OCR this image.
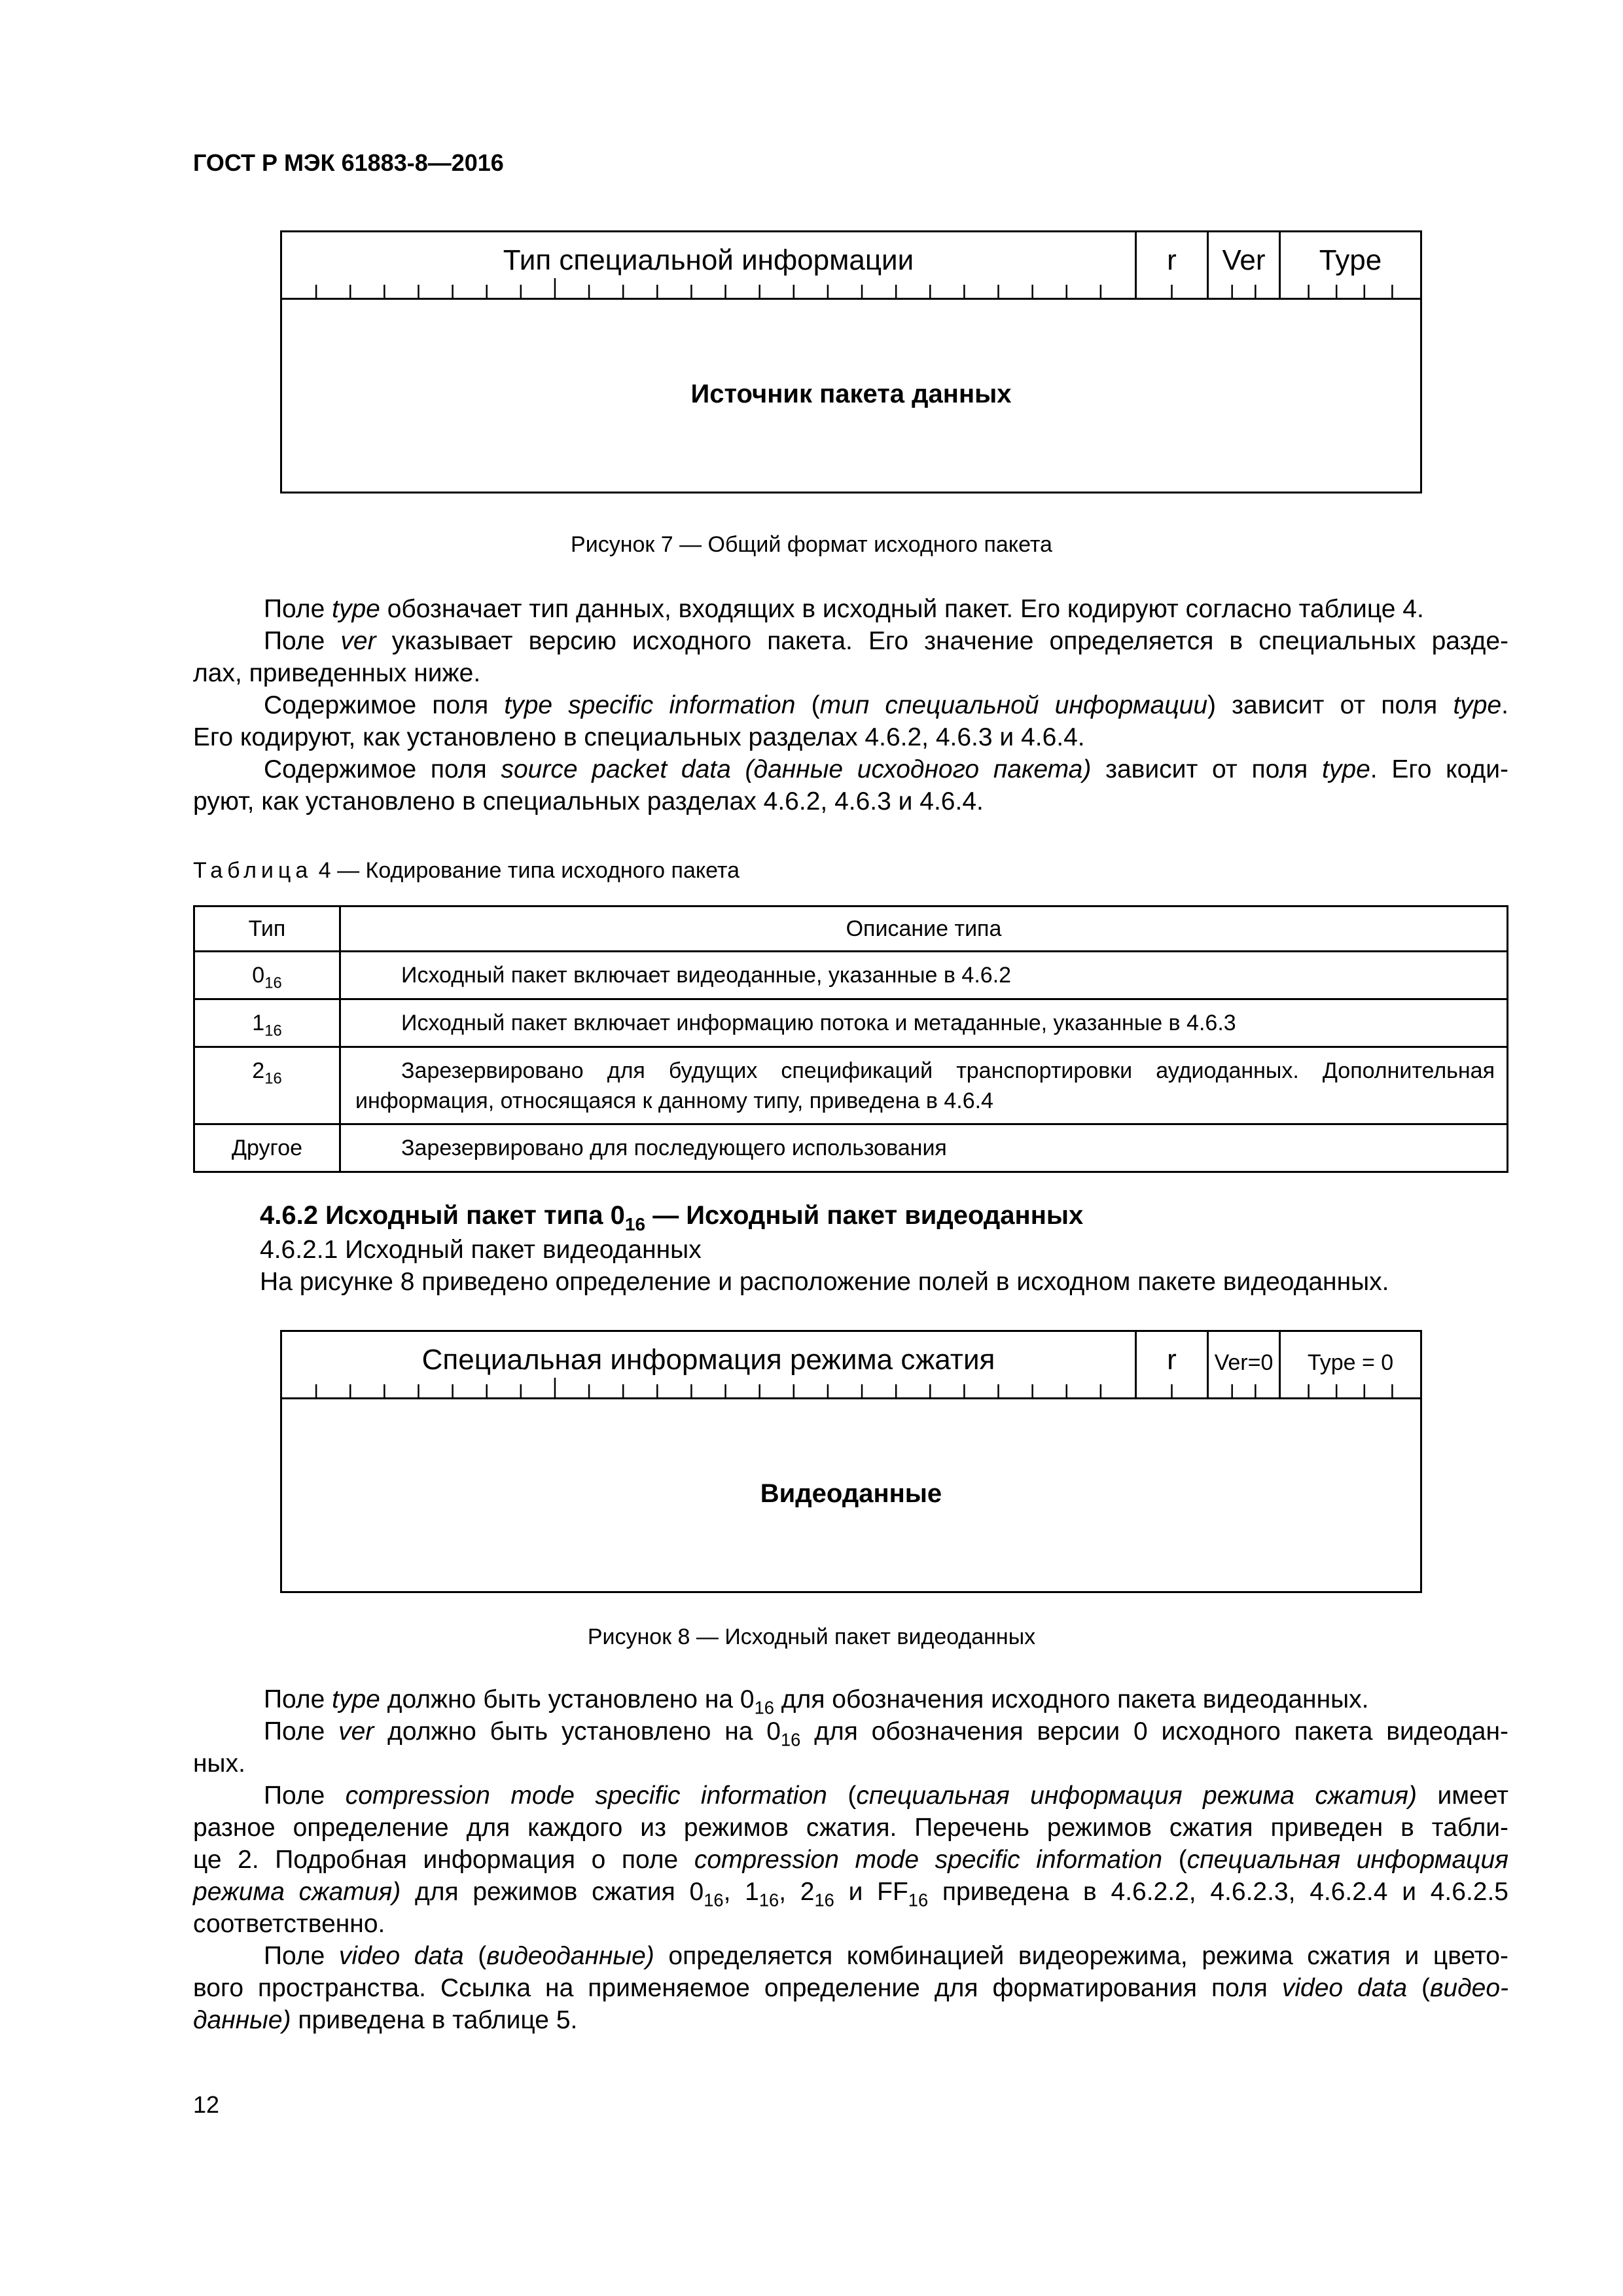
ГОСТ Р МЭК 61883-8—2016
Тип специальной информации	r	Ver	Type
Источник пакета данных
Рисунок 7 — Общий формат исходного пакета
Поле type обозначает тип данных, входящих в исходный пакет. Его кодируют согласно таблице 4.
Поле ver указывает версию исходного пакета. Его значение определяется в специальных разде-
лах, приведенных ниже.
Содержимое поля type specific information (тип специальной информации) зависит от поля type.
Его кодируют, как установлено в специальных разделах 4.6.2, 4.6.3 и 4.6.4.
Содержимое поля source packet data (данные исходного пакета) зависит от поля type. Его коди-
руют, как установлено в специальных разделах 4.6.2, 4.6.3 и 4.6.4.
Таблица 4 — Кодирование типа исходного пакета
Тип	Описание типа
$0_{16}$	Исходный пакет включает видеоданные, указанные в 4.6.2

$1_{16}$	Исходный пакет включает информацию потока и метаданные, указанные в 4.6.3

$2_{16}$	Зарезервировано для будущих спецификаций транспортировки аудиоданных. Дополнительная информация, относящаяся к данному типу, приведена в 4.6.4

Другое	Зарезервировано для последующего использования
4.6.2 Исходный пакет типа $0_{16}$ — Исходный пакет видеоданных
4.6.2.1 Исходный пакет видеоданных
На рисунке 8 приведено определение и расположение полей в исходном пакете видеоданных.
Специальная информация режима сжатия	r	Ver=0	Type = 0
Видеоданные
Рисунок 8 — Исходный пакет видеоданных
Поле type должно быть установлено на $0_{16}$ для обозначения исходного пакета видеоданных.
Поле ver должно быть установлено на $0_{16}$ для обозначения версии 0 исходного пакета видеодан-
ных.
Поле compression mode specific information (специальная информация режима сжатия) имеет
разное определение для каждого из режимов сжатия. Перечень режимов сжатия приведен в табли-
це 2. Подробная информация о поле compression mode specific information (специальная информация
режима сжатия) для режимов сжатия $0_{16}$, $1_{16}$, $2_{16}$ и $FF_{16}$ приведена в 4.6.2.2, 4.6.2.3, 4.6.2.4 и 4.6.2.5
соответственно.
Поле video data (видеоданные) определяется комбинацией видеорежима, режима сжатия и цвето-
вого пространства. Ссылка на применяемое определение для форматирования поля video data (видео-
данные) приведена в таблице 5.
12
